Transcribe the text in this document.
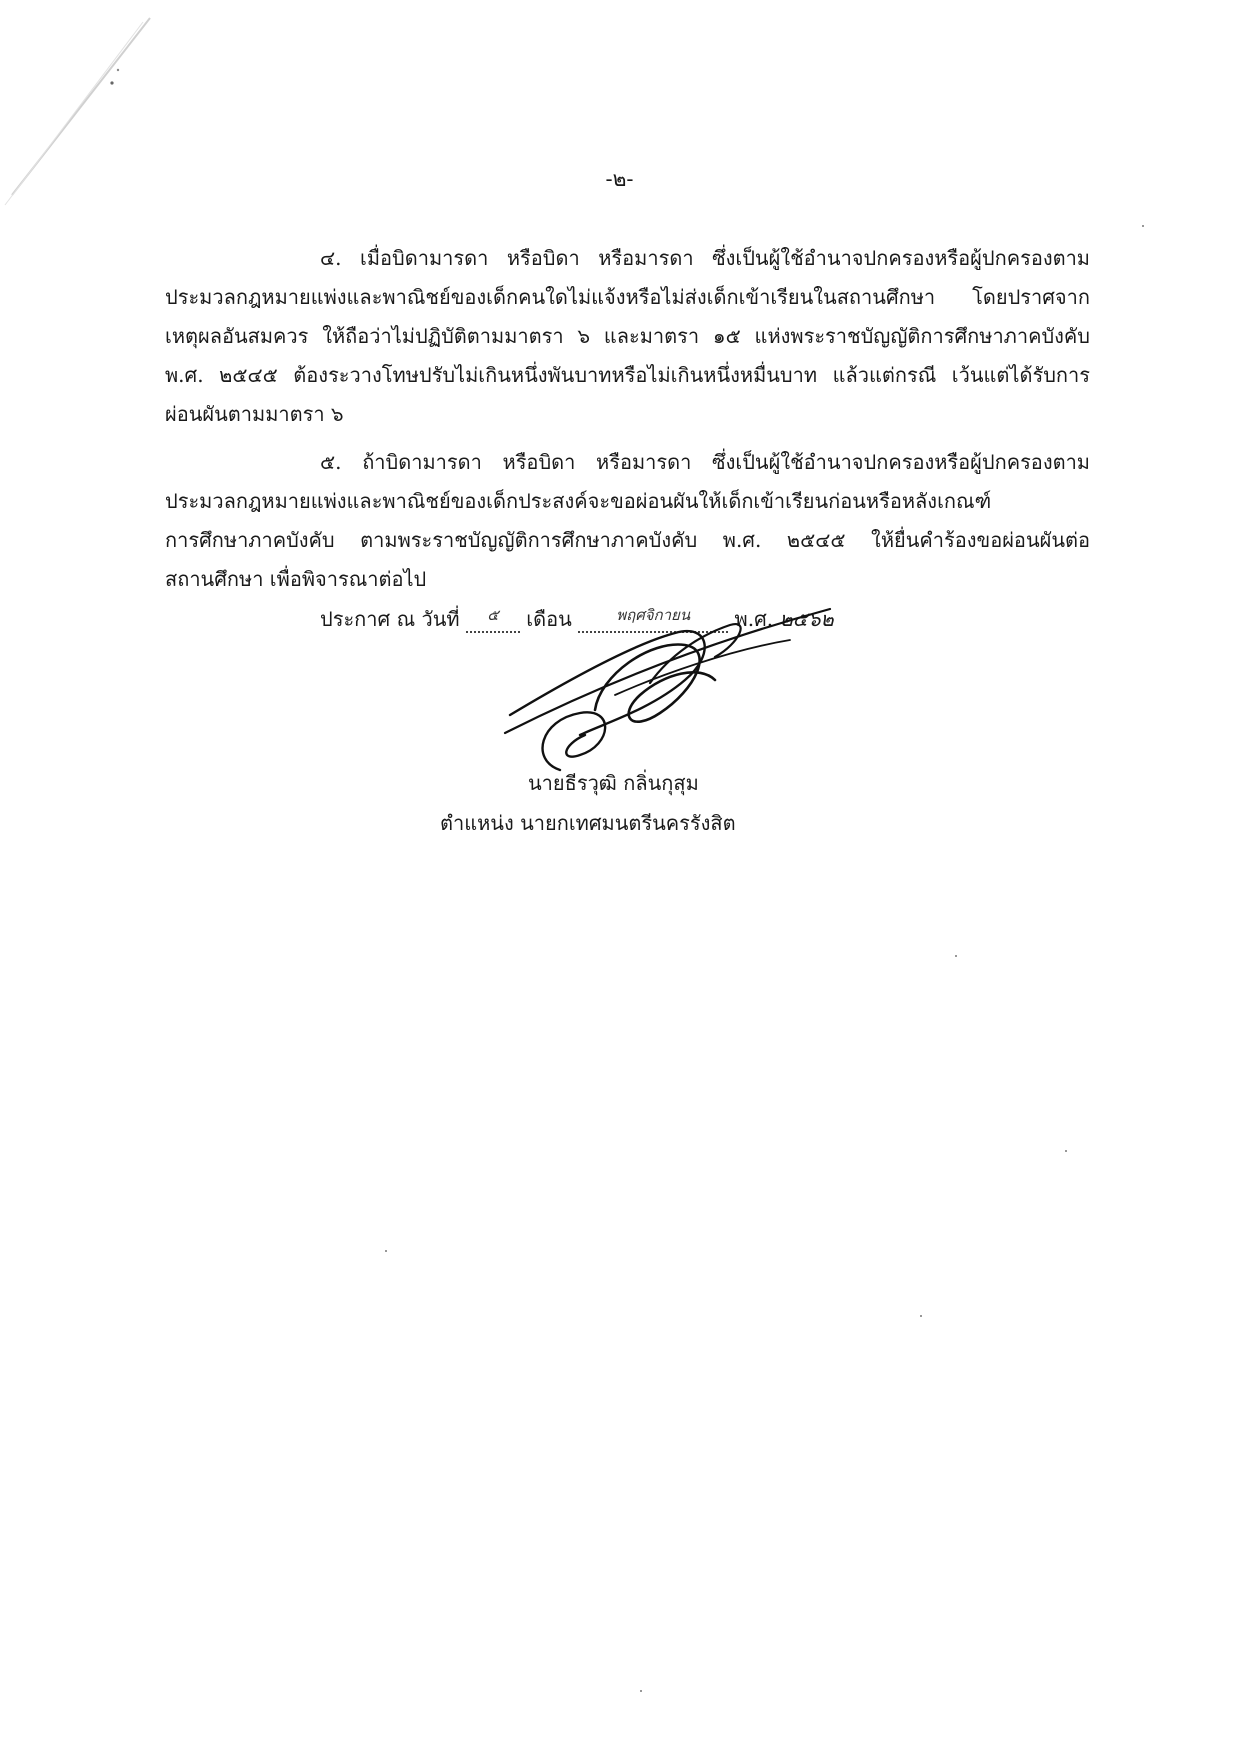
-๒-

๔. เมื่อบิดามารดา หรือบิดา หรือมารดา ซึ่งเป็นผู้ใช้อำนาจปกครองหรือผู้ปกครองตาม
ประมวลกฎหมายแพ่งและพาณิชย์ของเด็กคนใดไม่แจ้งหรือไม่ส่งเด็กเข้าเรียนในสถานศึกษา โดยปราศจาก
เหตุผลอันสมควร ให้ถือว่าไม่ปฏิบัติตามมาตรา ๖ และมาตรา ๑๕ แห่งพระราชบัญญัติการศึกษาภาคบังคับ
พ.ศ. ๒๕๔๕ ต้องระวางโทษปรับไม่เกินหนึ่งพันบาทหรือไม่เกินหนึ่งหมื่นบาท แล้วแต่กรณี เว้นแต่ได้รับการ
ผ่อนผันตามมาตรา ๖

๕. ถ้าบิดามารดา หรือบิดา หรือมารดา ซึ่งเป็นผู้ใช้อำนาจปกครองหรือผู้ปกครองตาม
ประมวลกฎหมายแพ่งและพาณิชย์ของเด็กประสงค์จะขอผ่อนผันให้เด็กเข้าเรียนก่อนหรือหลังเกณฑ์
การศึกษาภาคบังคับ ตามพระราชบัญญัติการศึกษาภาคบังคับ พ.ศ. ๒๕๔๕ ให้ยื่นคำร้องขอผ่อนผันต่อ
สถานศึกษา เพื่อพิจารณาต่อไป

ประกาศ ณ วันที่ ๕ เดือน	พฤศจิกายน พ.ศ. ๒๕๖๒
นายธีรวุฒิ กลิ่นกุสุม
ตำแหน่ง นายกเทศมนตรีนครรังสิต
